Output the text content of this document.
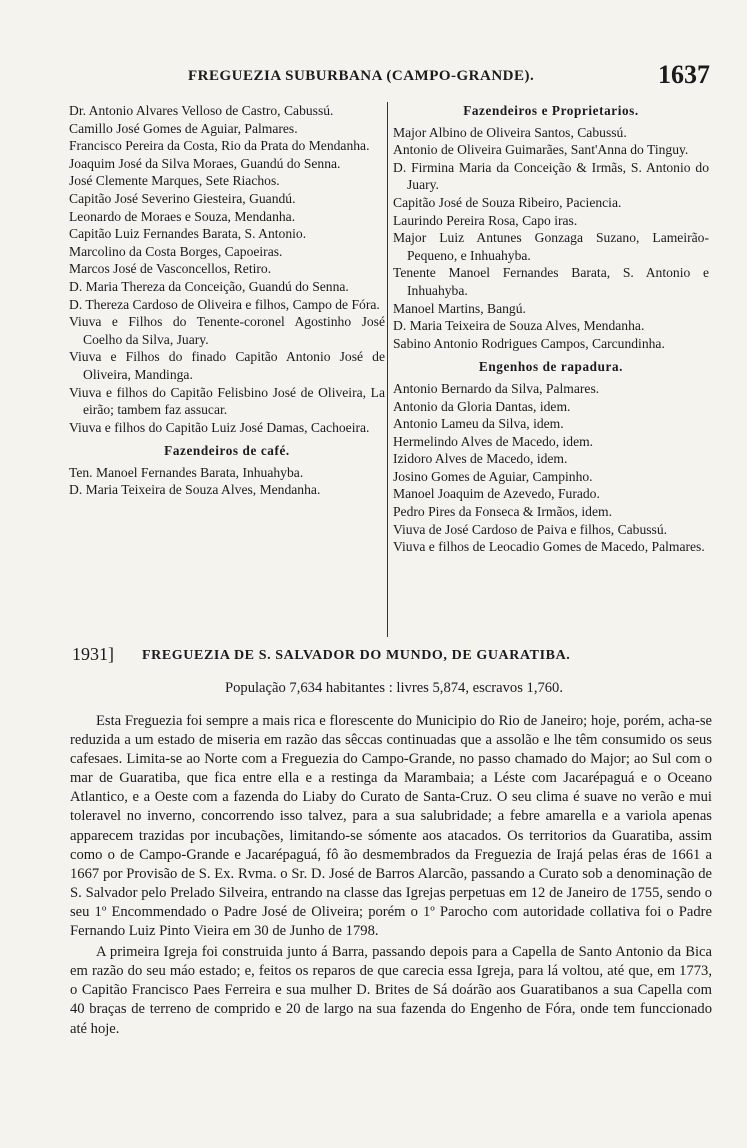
FREGUEZIA SUBURBANA (CAMPO-GRANDE).	1637
Dr. Antonio Alvares Velloso de Castro, Cabussú.
Camillo José Gomes de Aguiar, Palmares.
Francisco Pereira da Costa, Rio da Prata do Mendanha.
Joaquim José da Silva Moraes, Guandú do Senna.
José Clemente Marques, Sete Riachos.
Capitão José Severino Giesteira, Guandú.
Leonardo de Moraes e Souza, Mendanha.
Capitão Luiz Fernandes Barata, S. Antonio.
Marcolino da Costa Borges, Capoeiras.
Marcos José de Vasconcellos, Retiro.
D. Maria Thereza da Conceição, Guandú do Senna.
D. Thereza Cardoso de Oliveira e filhos, Campo de Fóra.
Viuva e Filhos do Tenente-coronel Agostinho José Coelho da Silva, Juary.
Viuva e Filhos do finado Capitão Antonio José de Oliveira, Mandinga.
Viuva e filhos do Capitão Felisbino José de Oliveira, La eirão; tambem faz assucar.
Viuva e filhos do Capitão Luiz José Damas, Cachoeira.
Fazendeiros de café.
Ten. Manoel Fernandes Barata, Inhuahyba.
D. Maria Teixeira de Souza Alves, Mendanha.
Fazendeiros e Proprietarios.
Major Albino de Oliveira Santos, Cabussú.
Antonio de Oliveira Guimarães, Sant'Anna do Tinguy.
D. Firmina Maria da Conceição & Irmãs, S. Antonio do Juary.
Capitão José de Souza Ribeiro, Paciencia.
Laurindo Pereira Rosa, Capo iras.
Major Luiz Antunes Gonzaga Suzano, Lameirão-Pequeno, e Inhuahyba.
Tenente Manoel Fernandes Barata, S. Antonio e Inhuahyba.
Manoel Martins, Bangú.
D. Maria Teixeira de Souza Alves, Mendanha.
Sabino Antonio Rodrigues Campos, Carcundinha.
Engenhos de rapadura.
Antonio Bernardo da Silva, Palmares.
Antonio da Gloria Dantas, idem.
Antonio Lameu da Silva, idem.
Hermelindo Alves de Macedo, idem.
Izidoro Alves de Macedo, idem.
Josino Gomes de Aguiar, Campinho.
Manoel Joaquim de Azevedo, Furado.
Pedro Pires da Fonseca & Irmãos, idem.
Viuva de José Cardoso de Paiva e filhos, Cabussú.
Viuva e filhos de Leocadio Gomes de Macedo, Palmares.
1931] FREGUEZIA DE S. SALVADOR DO MUNDO, DE GUARATIBA.
População 7,634 habitantes : livres 5,874, escravos 1,760.

Esta Freguezia foi sempre a mais rica e florescente do Municipio do Rio de Janeiro; hoje, porém, acha-se reduzida a um estado de miseria em razão das sêccas continuadas que a assolão e lhe têm consumido os seus cafesaes. Limita-se ao Norte com a Freguezia do Campo-Grande, no passo chamado do Major; ao Sul com o mar de Guaratiba, que fica entre ella e a restinga da Marambaia; a Léste com Jacarépaguá e o Oceano Atlantico, e a Oeste com a fazenda do Liaby do Curato de Santa-Cruz. O seu clima é suave no verão e mui toleravel no inverno, concorrendo isso talvez, para a sua salubridade; a febre amarella e a variola apenas apparecem trazidas por incubações, limitando-se sómente aos atacados. Os territorios da Guaratiba, assim como o de Campo-Grande e Jacarépaguá, fô ão desmembrados da Freguezia de Irajá pelas éras de 1661 a 1667 por Provisão de S. Ex. Rvma. o Sr. D. José de Barros Alarcão, passando a Curato sob a denominação de S. Salvador pelo Prelado Silveira, entrando na classe das Igrejas perpetuas em 12 de Janeiro de 1755, sendo o seu 1º Encommendado o Padre José de Oliveira; porém o 1º Parocho com autoridade collativa foi o Padre Fernando Luiz Pinto Vieira em 30 de Junho de 1798.

A primeira Igreja foi construida junto á Barra, passando depois para a Capella de Santo Antonio da Bica em razão do seu máo estado; e, feitos os reparos de que carecia essa Igreja, para lá voltou, até que, em 1773, o Capitão Francisco Paes Ferreira e sua mulher D. Brites de Sá doárão aos Guaratibanos a sua Capella com 40 braças de terreno de comprido e 20 de largo na sua fazenda do Engenho de Fóra, onde tem funccionado até hoje.
